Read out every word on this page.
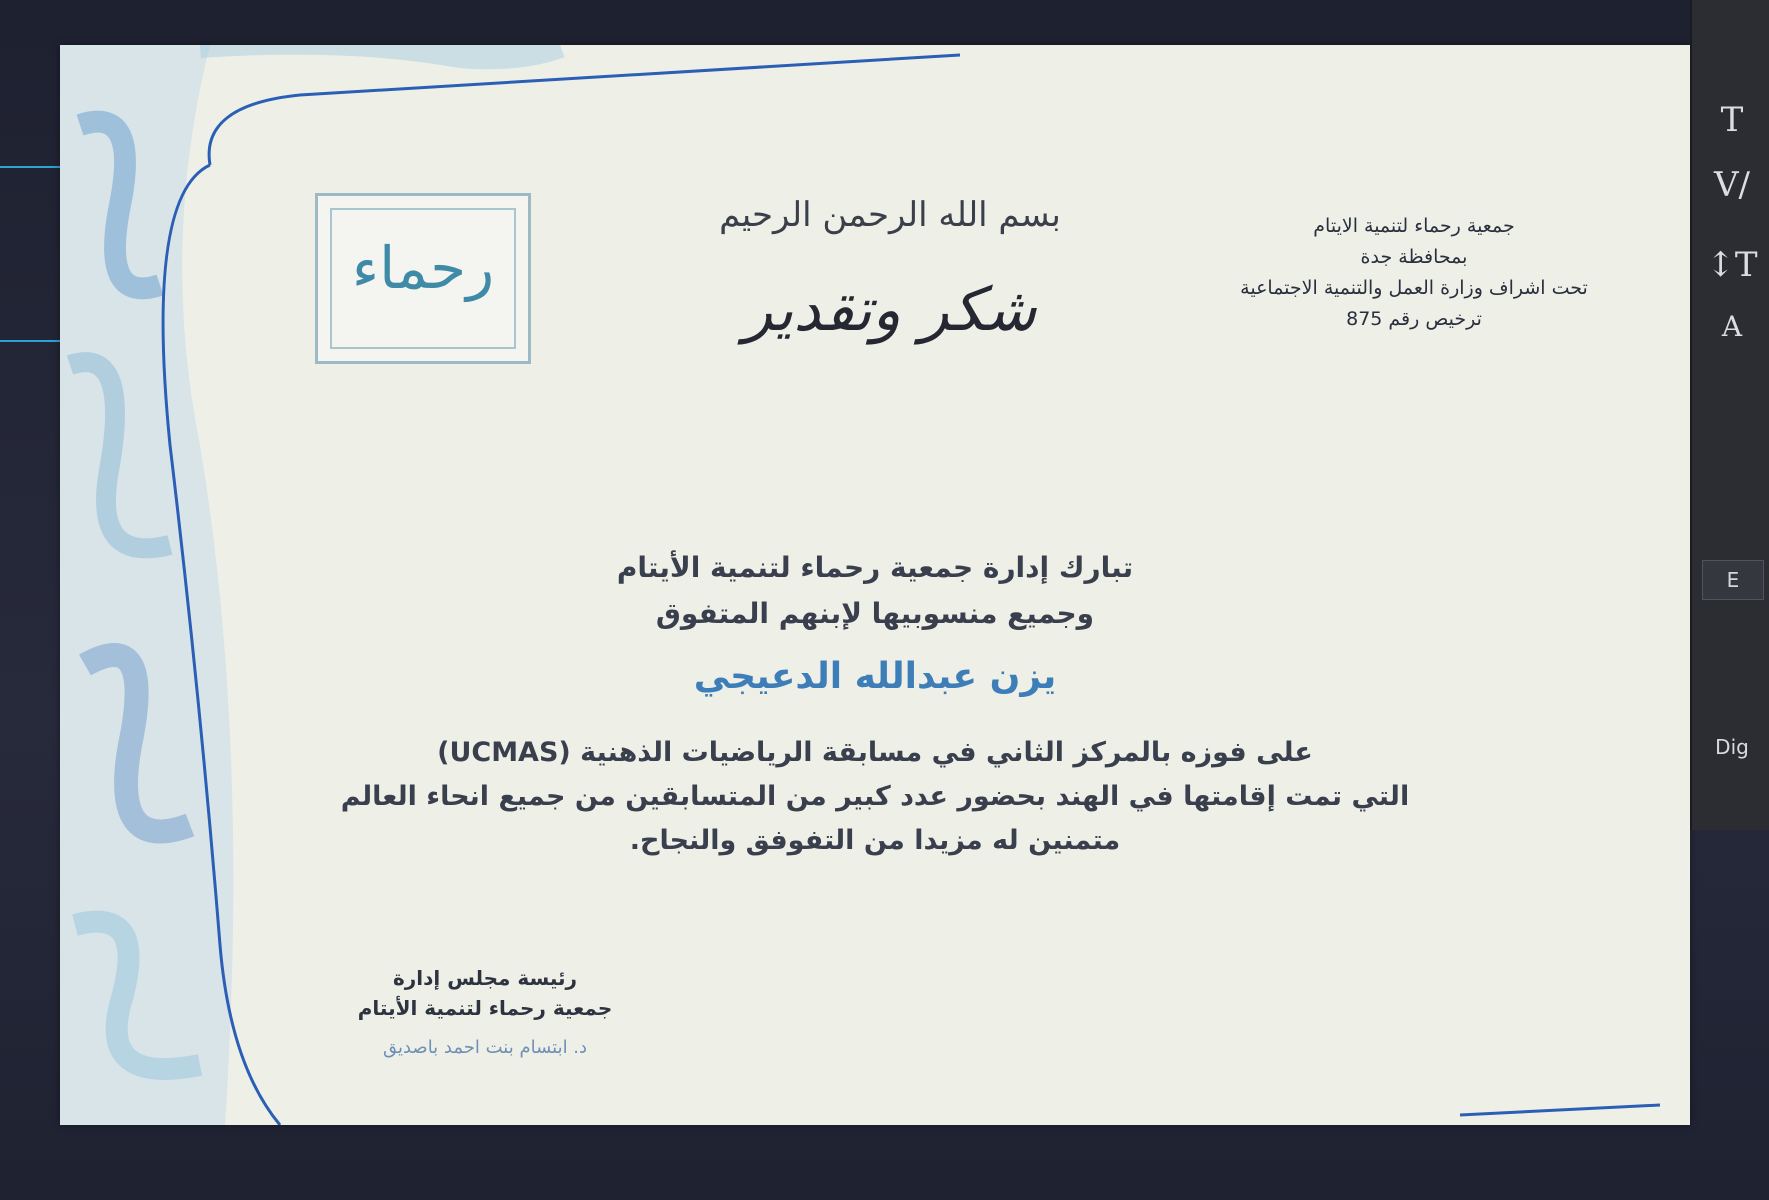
جمعية رحماء لتنمية الايتام
بمحافظة جدة
تحت اشراف وزارة العمل والتنمية الاجتماعية
ترخيص رقم 875
بسم الله الرحمن الرحيم
شكر وتقدير
رحماء
تبارك إدارة جمعية رحماء لتنمية الأيتام
وجميع منسوبيها لإبنهم المتفوق
يزن عبدالله الدعيجي
على فوزه بالمركز الثاني في مسابقة الرياضيات الذهنية (UCMAS)
التي تمت إقامتها في الهند بحضور عدد كبير من المتسابقين من جميع انحاء العالم
متمنين له مزيدا من التفوفق والنجاح.
رئيسة مجلس إدارة
جمعية رحماء لتنمية الأيتام
د. ابتسام بنت احمد باصديق
T
V/
↕T
A
E
Dig
